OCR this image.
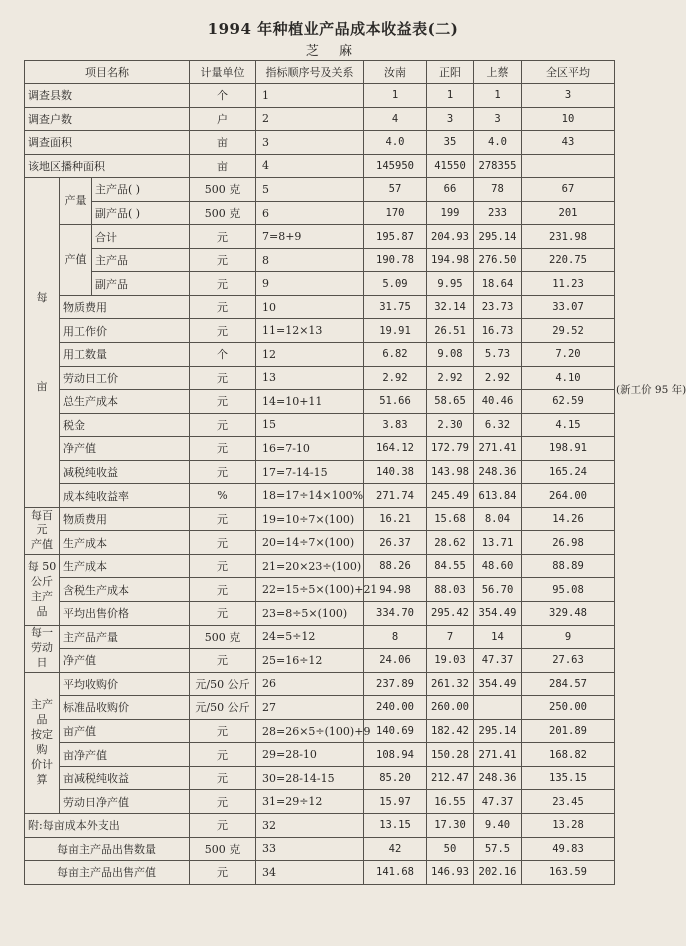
1994 年种植业产品成本收益表(二)
芝 麻
项目名称			计量单位	指标顺序号及关系	汝南	正阳	上蔡	全区平均
调查县数			个	1	1	1	1	3
调查户数			户	2	4	3	3	10
调查面积			亩	3	4.0	35	4.0	43
该地区播种面积			亩	4	145950	41550	278355	
每

亩	产量	主产品( )	500 克	5	57	66	78	67
		副产品( )	500 克	6	170	199	233	201
	产值	合计	元	7=8+9	195.87	204.93	295.14	231.98
		主产品	元	8	190.78	194.98	276.50	220.75
		副产品	元	9	5.09	9.95	18.64	11.23
	物质费用		元	10	31.75	32.14	23.73	33.07
	用工作价		元	11=12×13	19.91	26.51	16.73	29.52
	用工数量		个	12	6.82	9.08	5.73	7.20
	劳动日工价		元	13	2.92	2.92	2.92	4.10
	总生产成本		元	14=10+11	51.66	58.65	40.46	62.59
	税金		元	15	3.83	2.30	6.32	4.15
	净产值		元	16=7-10	164.12	172.79	271.41	198.91
	减税纯收益		元	17=7-14-15	140.38	143.98	248.36	165.24
	成本纯收益率		%	18=17÷14×100%	271.74	245.49	613.84	264.00
每百元
产值	物质费用		元	19=10÷7×(100)	16.21	15.68	8.04	14.26
	生产成本		元	20=14÷7×(100)	26.37	28.62	13.71	26.98
每 50
公斤
主产品	生产成本		元	21=20×23÷(100)	88.26	84.55	48.60	88.89
	含税生产成本		元	22=15÷5×(100)+21	94.98	88.03	56.70	95.08
	平均出售价格		元	23=8÷5×(100)	334.70	295.42	354.49	329.48
每一
劳动日	主产品产量		500 克	24=5÷12	8	7	14	9
	净产值		元	25=16÷12	24.06	19.03	47.37	27.63
主产品
按定购
价计算	平均收购价		元/50 公斤	26	237.89	261.32	354.49	284.57
	标准品收购价		元/50 公斤	27	240.00	260.00		250.00
	亩产值		元	28=26×5÷(100)+9	140.69	182.42	295.14	201.89
	亩净产值		元	29=28-10	108.94	150.28	271.41	168.82
	亩减税纯收益		元	30=28-14-15	85.20	212.47	248.36	135.15
	劳动日净产值		元	31=29÷12	15.97	16.55	47.37	23.45
附:每亩成本外支出			元	32	13.15	17.30	9.40	13.28
每亩主产品出售数量			500 克	33	42	50	57.5	49.83
每亩主产品出售产值			元	34	141.68	146.93	202.16	163.59
(新工价 95 年)
